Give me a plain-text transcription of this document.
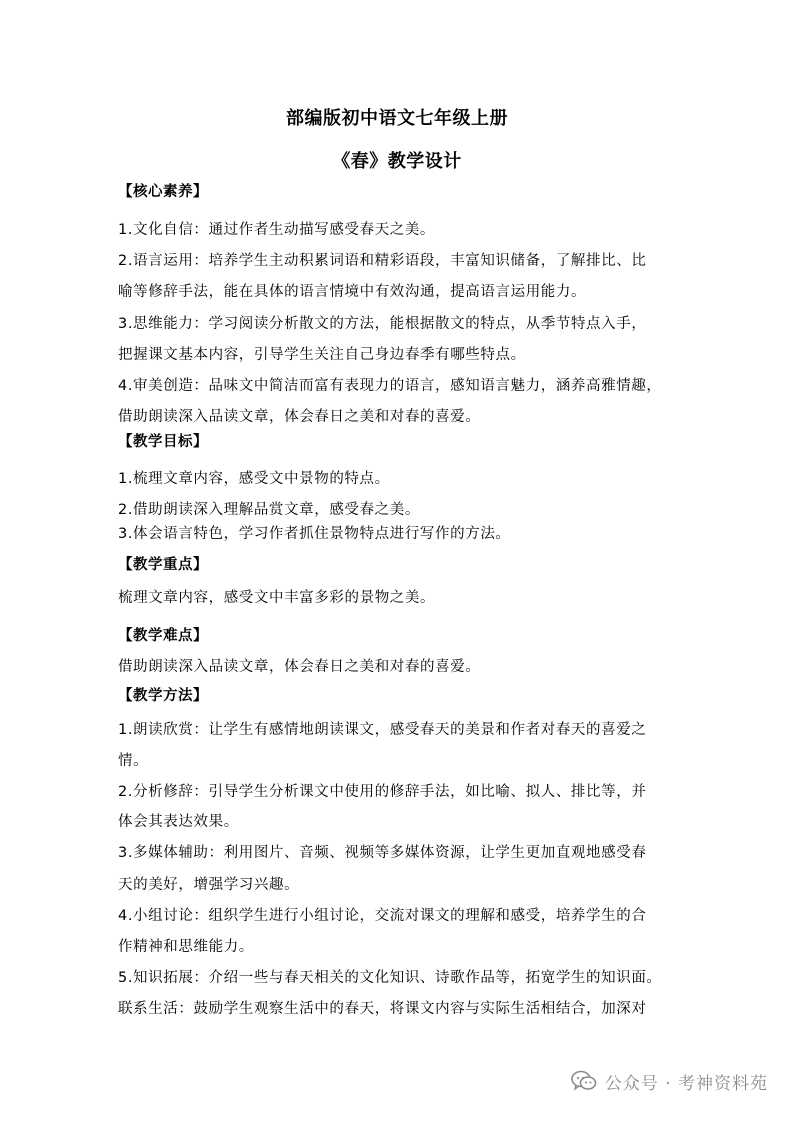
部编版初中语文七年级上册
《春》教学设计
【核心素养】
1.文化自信：通过作者生动描写感受春天之美。
2.语言运用：培养学生主动积累词语和精彩语段，丰富知识储备，了解排比、比
喻等修辞手法，能在具体的语言情境中有效沟通，提高语言运用能力。
3.思维能力：学习阅读分析散文的方法，能根据散文的特点，从季节特点入手，
把握课文基本内容，引导学生关注自己身边春季有哪些特点。
4.审美创造：品味文中简洁而富有表现力的语言，感知语言魅力，涵养高雅情趣，
借助朗读深入品读文章，体会春日之美和对春的喜爱。
【教学目标】
1.梳理文章内容，感受文中景物的特点。
2.借助朗读深入理解品赏文章，感受春之美。
3.体会语言特色，学习作者抓住景物特点进行写作的方法。
【教学重点】
梳理文章内容，感受文中丰富多彩的景物之美。
【教学难点】
借助朗读深入品读文章，体会春日之美和对春的喜爱。
【教学方法】
1.朗读欣赏：让学生有感情地朗读课文，感受春天的美景和作者对春天的喜爱之
情。
2.分析修辞：引导学生分析课文中使用的修辞手法，如比喻、拟人、排比等，并
体会其表达效果。
3.多媒体辅助：利用图片、音频、视频等多媒体资源，让学生更加直观地感受春
天的美好，增强学习兴趣。
4.小组讨论：组织学生进行小组讨论，交流对课文的理解和感受，培养学生的合
作精神和思维能力。
5.知识拓展：介绍一些与春天相关的文化知识、诗歌作品等，拓宽学生的知识面。
联系生活：鼓励学生观察生活中的春天，将课文内容与实际生活相结合，加深对
公众号 · 考神资料苑
